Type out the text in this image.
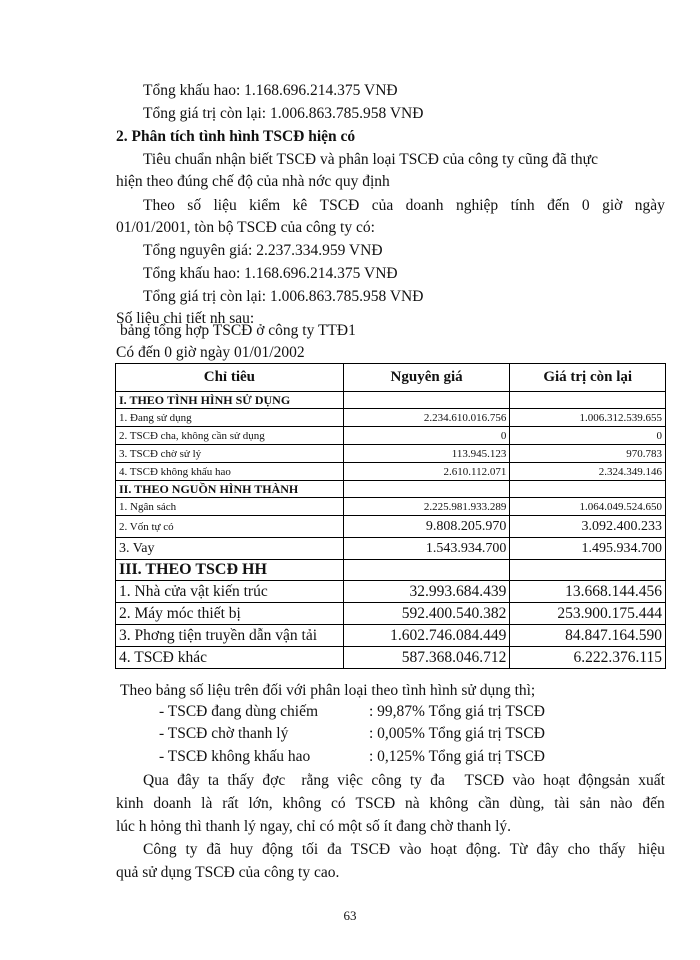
Tổng khấu hao: 1.168.696.214.375 VNĐ
Tổng giá trị còn lại: 1.006.863.785.958 VNĐ
2. Phân tích tình hình TSCĐ hiện có
Tiêu chuẩn nhận biết TSCĐ và phân loại TSCĐ của công ty cũng đã thực
hiện theo đúng chế độ của nhà nớc quy định
Theo số liệu kiểm kê TSCĐ của doanh nghiệp tính đến 0 giờ ngày
01/01/2001, tòn bộ TSCĐ của công ty có:
Tổng nguyên giá: 2.237.334.959 VNĐ
Tổng khấu hao: 1.168.696.214.375 VNĐ
Tổng giá trị còn lại: 1.006.863.785.958 VNĐ
Số liệu chi tiết nh sau:
bảng tổng hợp TSCĐ ở công ty TTĐ1
Có đến 0 giờ ngày 01/01/2002
Chỉ tiêu	Nguyên giá	Giá trị còn lại
I. THEO TÌNH HÌNH SỬ DỤNG		
1. Đang sử dụng	2.234.610.016.756	1.006.312.539.655
2. TSCĐ cha, không cần sử dụng	0	0
3. TSCĐ chờ sử lý	113.945.123	970.783
4. TSCĐ không khấu hao	2.610.112.071	2.324.349.146
II. THEO NGUỒN HÌNH THÀNH		
1. Ngân sách	2.225.981.933.289	1.064.049.524.650
2. Vốn tự có	9.808.205.970	3.092.400.233
3. Vay	1.543.934.700	1.495.934.700
III. THEO TSCĐ HH		
1. Nhà cửa vật kiến trúc	32.993.684.439	13.668.144.456
2. Máy móc thiết bị	592.400.540.382	253.900.175.444
3. Phơng tiện truyền dẫn vận tải	1.602.746.084.449	84.847.164.590
4. TSCĐ khác	587.368.046.712	6.222.376.115
Theo bảng số liệu trên đối với phân loại theo tình hình sử dụng thì;
- TSCĐ đang dùng chiếm	: 99,87% Tổng giá trị TSCĐ
- TSCĐ chờ thanh lý	: 0,005% Tổng giá trị TSCĐ
- TSCĐ không khấu hao	: 0,125% Tổng giá trị TSCĐ
Qua đây ta thấy đợc rằng việc công ty đa TSCĐ vào hoạt độngsản xuất
kinh doanh là rất lớn, không có TSCĐ nà không cần dùng, tài sản nào đến
lúc h hỏng thì thanh lý ngay, chỉ có một số ít đang chờ thanh lý.
Công ty đã huy động tối đa TSCĐ vào hoạt động. Từ đây cho thấy hiệu
quả sử dụng TSCĐ của công ty cao.
63
